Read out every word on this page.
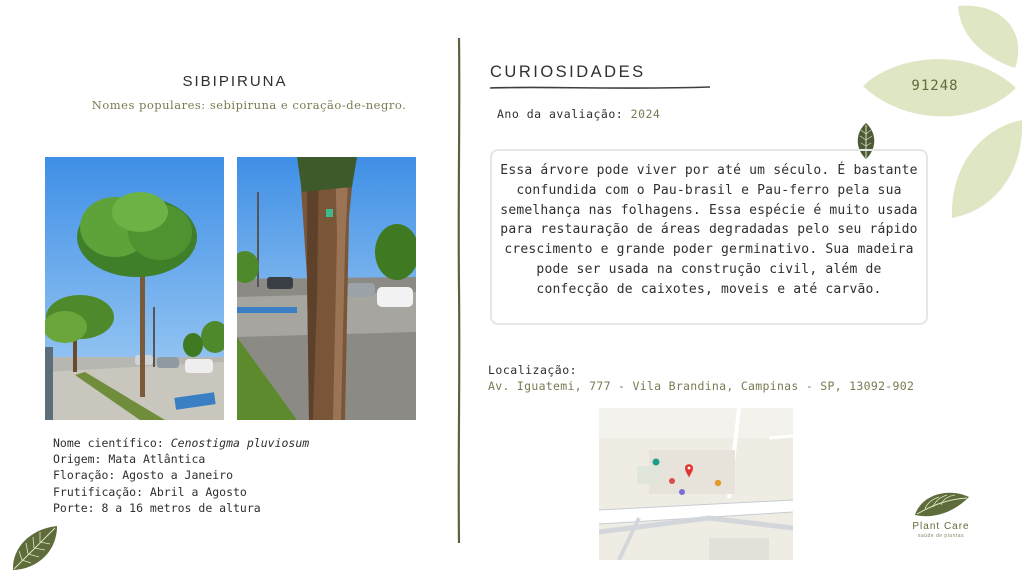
91248
SIBIPIRUNA
Nomes populares: sebipiruna e coração-de-negro.
Nome científico: Cenostigma pluviosum
Origem: Mata Atlântica
Floração: Agosto a Janeiro
Frutificação: Abril a Agosto
Porte: 8 a 16 metros de altura
CURIOSIDADES
Ano da avaliação: 2024
Essa árvore pode viver por até um século. É bastante confundida com o Pau-brasil e Pau-ferro pela sua semelhança nas folhagens. Essa espécie é muito usada para restauração de áreas degradadas pelo seu rápido crescimento e grande poder germinativo. Sua madeira pode ser usada na construção civil, além de confecção de caixotes, moveis e até carvão.
Localização:
Av. Iguatemi, 777 - Vila Brandina, Campinas - SP, 13092-902
Plant Care
saúde de plantas
